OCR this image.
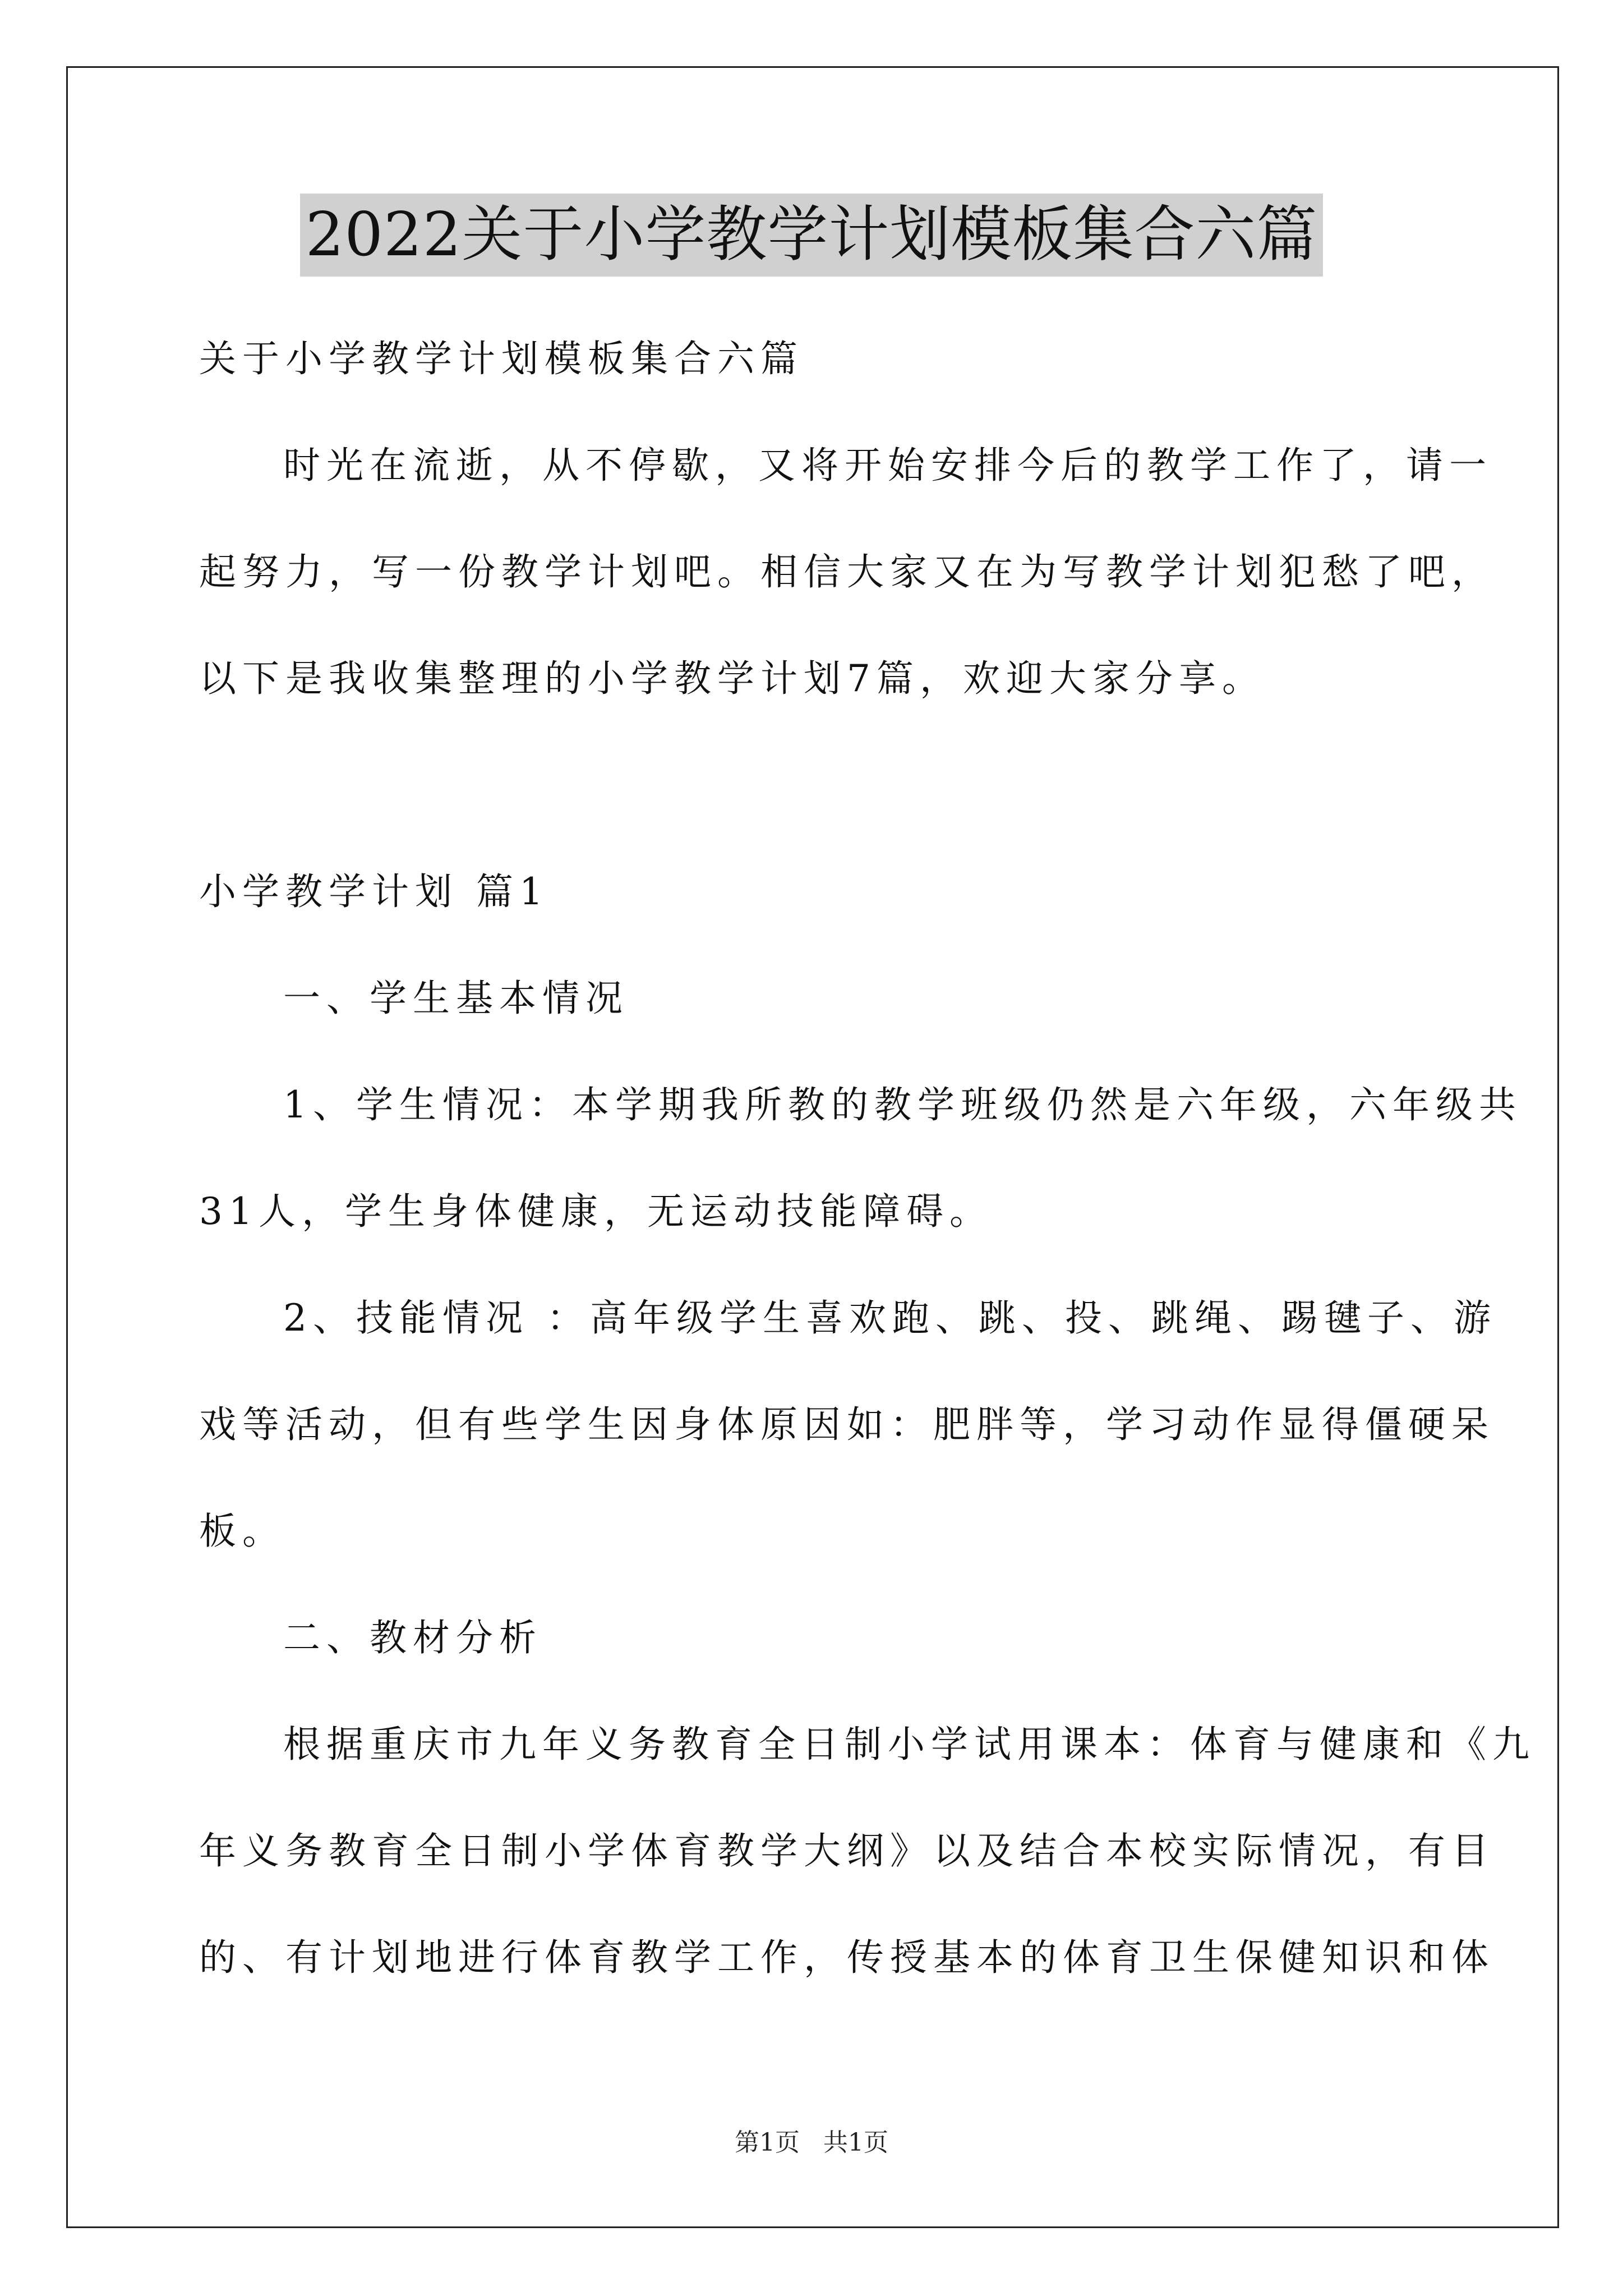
2022关于小学教学计划模板集合六篇

关于小学教学计划模板集合六篇

时光在流逝，从不停歇，又将开始安排今后的教学工作了，请一

起努力，写一份教学计划吧。相信大家又在为写教学计划犯愁了吧，

以下是我收集整理的小学教学计划7篇，欢迎大家分享。

小学教学计划 篇1

一、学生基本情况

1、学生情况：本学期我所教的教学班级仍然是六年级，六年级共

31人，学生身体健康，无运动技能障碍。

2、技能情况 ：高年级学生喜欢跑、跳、投、跳绳、踢毽子、游

戏等活动，但有些学生因身体原因如：肥胖等，学习动作显得僵硬呆

板。

二、教材分析

根据重庆市九年义务教育全日制小学试用课本：体育与健康和《九

年义务教育全日制小学体育教学大纲》以及结合本校实际情况，有目

的、有计划地进行体育教学工作，传授基本的体育卫生保健知识和体

第1页 共1页
